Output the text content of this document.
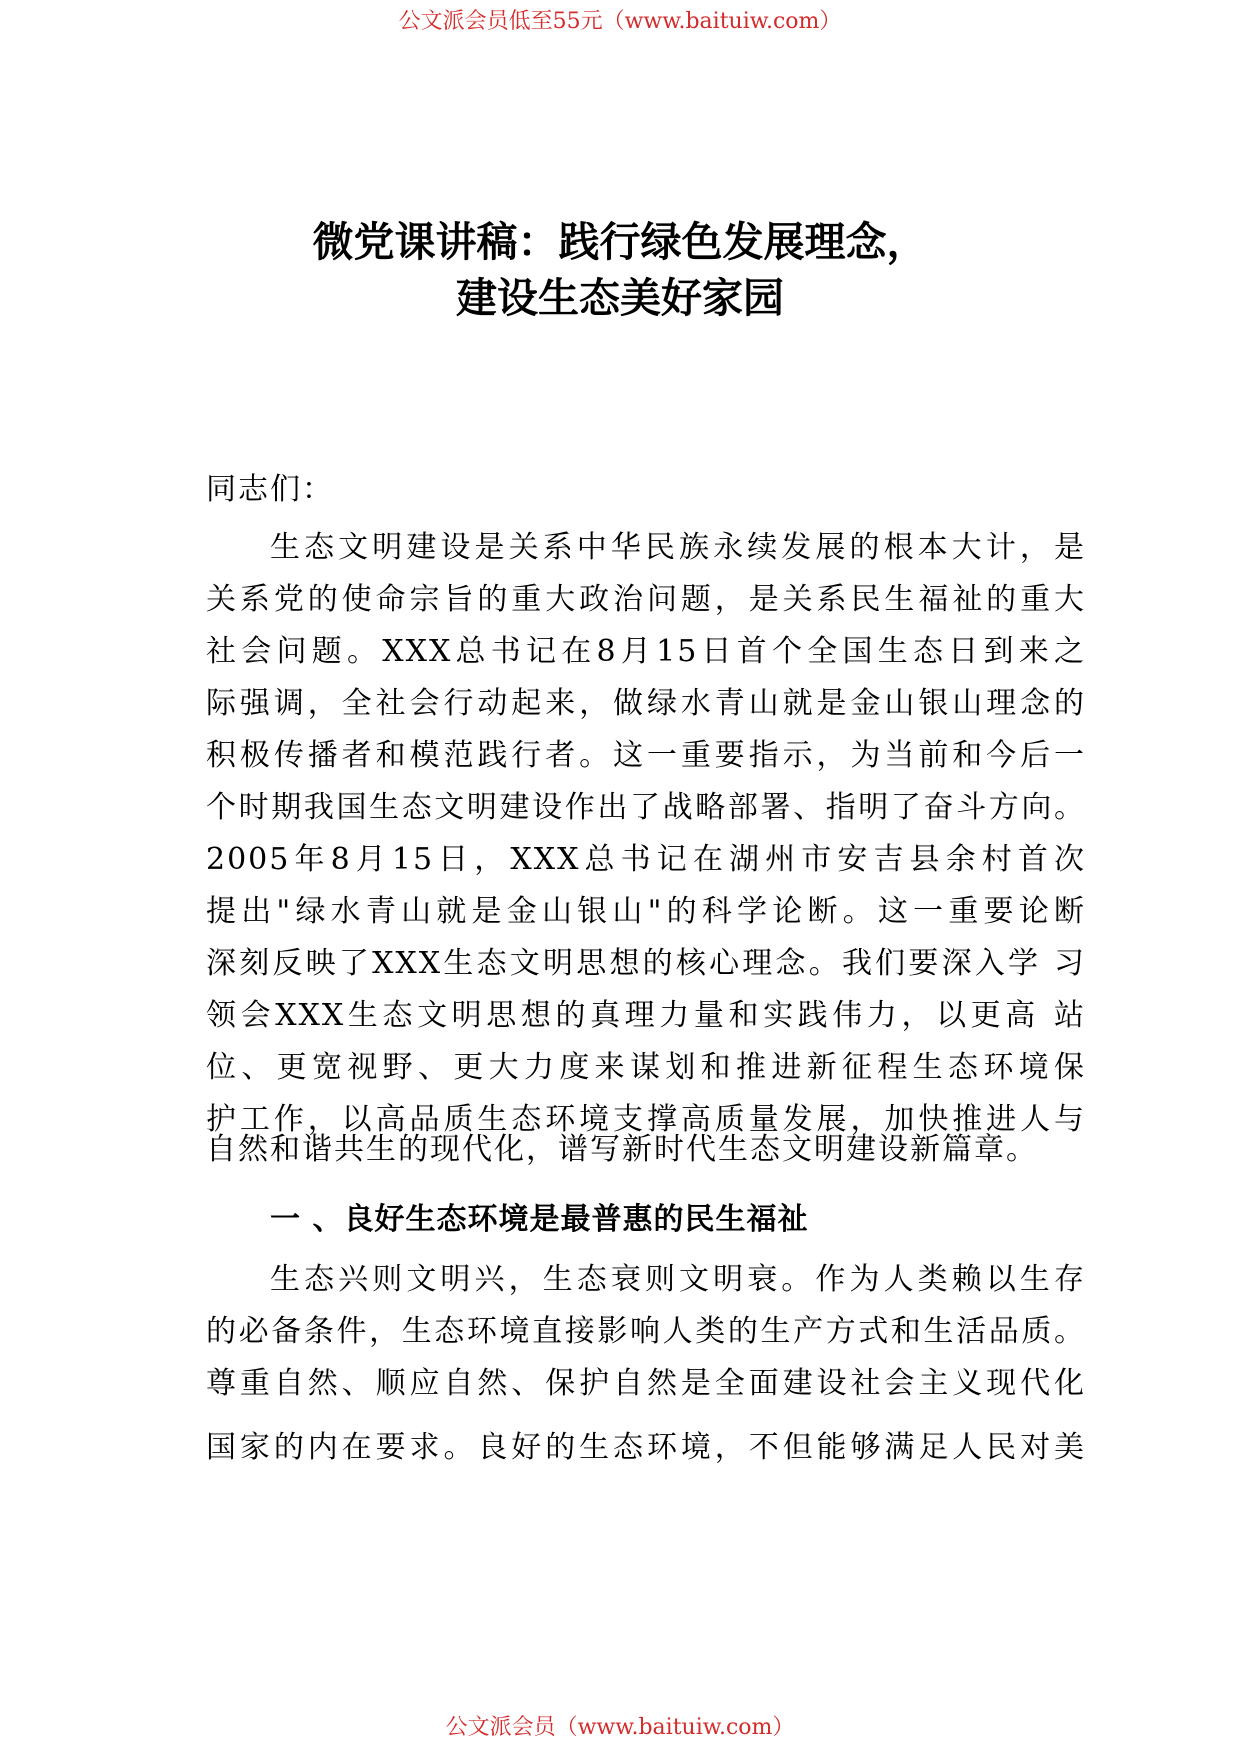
公文派会员低至55元（www.baituiw.com）
微党课讲稿：践行绿色发展理念，
建设生态美好家园
同志们：
生态文明建设是关系中华民族永续发展的根本大计，是
关系党的使命宗旨的重大政治问题，是关系民生福祉的重大
社会问题。XXX总书记在8月15日首个全国生态日到来之
际强调，全社会行动起来，做绿水青山就是金山银山理念的
积极传播者和模范践行者。这一重要指示，为当前和今后一
个时期我国生态文明建设作出了战略部署、指明了奋斗方向。
2005年8月15日，XXX总书记在湖州市安吉县余村首次
提出"绿水青山就是金山银山"的科学论断。这一重要论断
深刻反映了XXX生态文明思想的核心理念。我们要深入学 习
领会XXX生态文明思想的真理力量和实践伟力，以更高 站
位、更宽视野、更大力度来谋划和推进新征程生态环境保
护工作，以高品质生态环境支撑高质量发展，加快推进人与
自然和谐共生的现代化，谱写新时代生态文明建设新篇章。
一 、良好生态环境是最普惠的民生福祉
生态兴则文明兴，生态衰则文明衰。作为人类赖以生存
的必备条件，生态环境直接影响人类的生产方式和生活品质。
尊重自然、顺应自然、保护自然是全面建设社会主义现代化
国家的内在要求。良好的生态环境，不但能够满足人民对美
公文派会员（www.baituiw.com）
